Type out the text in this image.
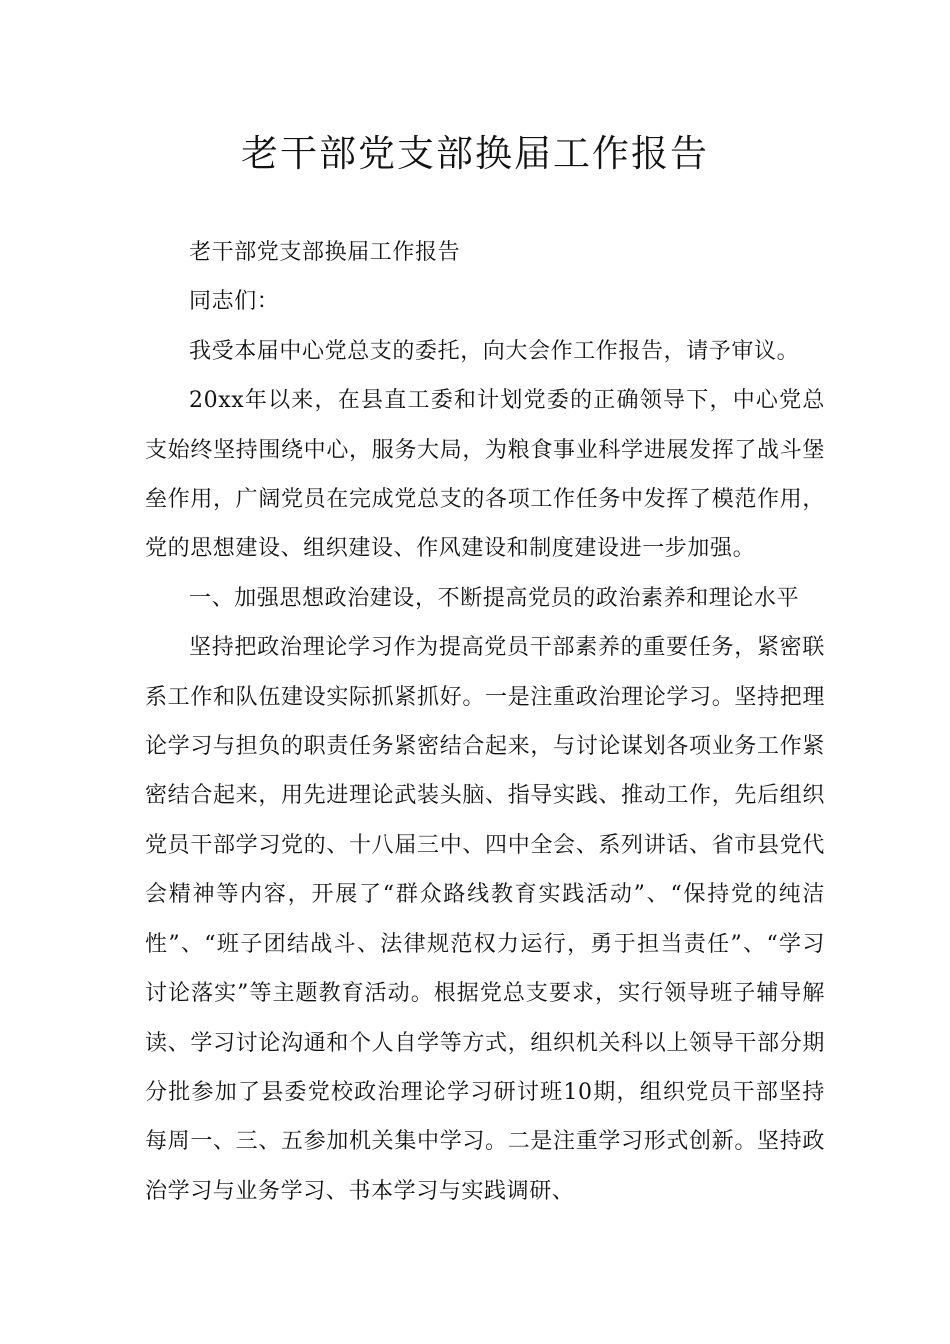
老干部党支部换届工作报告

老干部党支部换届工作报告

同志们：

我受本届中心党总支的委托，向大会作工作报告，请予审议。

20xx年以来，在县直工委和计划党委的正确领导下，中心党总支始终坚持围绕中心，服务大局，为粮食事业科学进展发挥了战斗堡垒作用，广阔党员在完成党总支的各项工作任务中发挥了模范作用，党的思想建设、组织建设、作风建设和制度建设进一步加强。

一、加强思想政治建设，不断提高党员的政治素养和理论水平

坚持把政治理论学习作为提高党员干部素养的重要任务，紧密联系工作和队伍建设实际抓紧抓好。一是注重政治理论学习。坚持把理论学习与担负的职责任务紧密结合起来，与讨论谋划各项业务工作紧密结合起来，用先进理论武装头脑、指导实践、推动工作，先后组织党员干部学习党的、十八届三中、四中全会、系列讲话、省市县党代会精神等内容，开展了“群众路线教育实践活动”、“保持党的纯洁性”、“班子团结战斗、法律规范权力运行，勇于担当责任”、“学习讨论落实”等主题教育活动。根据党总支要求，实行领导班子辅导解读、学习讨论沟通和个人自学等方式，组织机关科以上领导干部分期分批参加了县委党校政治理论学习研讨班10期，组织党员干部坚持每周一、三、五参加机关集中学习。二是注重学习形式创新。坚持政治学习与业务学习、书本学习与实践调研、
